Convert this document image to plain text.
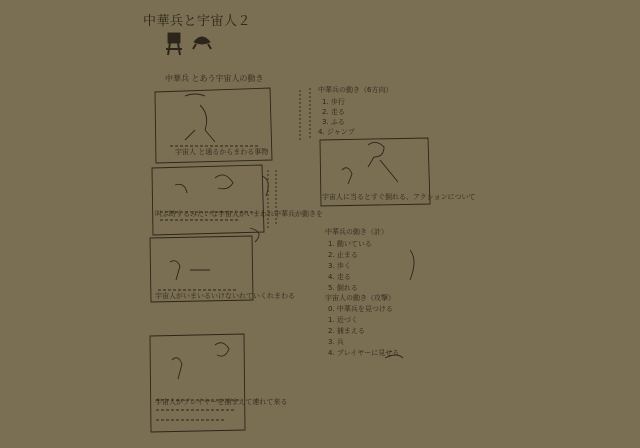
中華兵と宇宙人２
中華兵 とあう宇宙人の動き
宇宙人 と通るからまわる事物
叫ぶ時するみたいな宇宙人がいまわれ中華兵が動きを
宇宙人がいまいるいけないれていくれまわる
宇宙人がプレイヤーを捕まえて連れて来る
中華兵の動き（6方向）
1. 歩行
2. 走る
3. ふる
4. ジャンプ
宇宙人に当るとすぐ倒れる、アクションについて
中華兵の動き（計）
1. 動いている
2. 止まる
3. 歩く
4. 走る
5. 倒れる
宇宙人の動き（攻撃）
0. 中華兵を見つける
1. 近づく
2. 捕まえる
3. 兵
4. プレイヤーに見せる
